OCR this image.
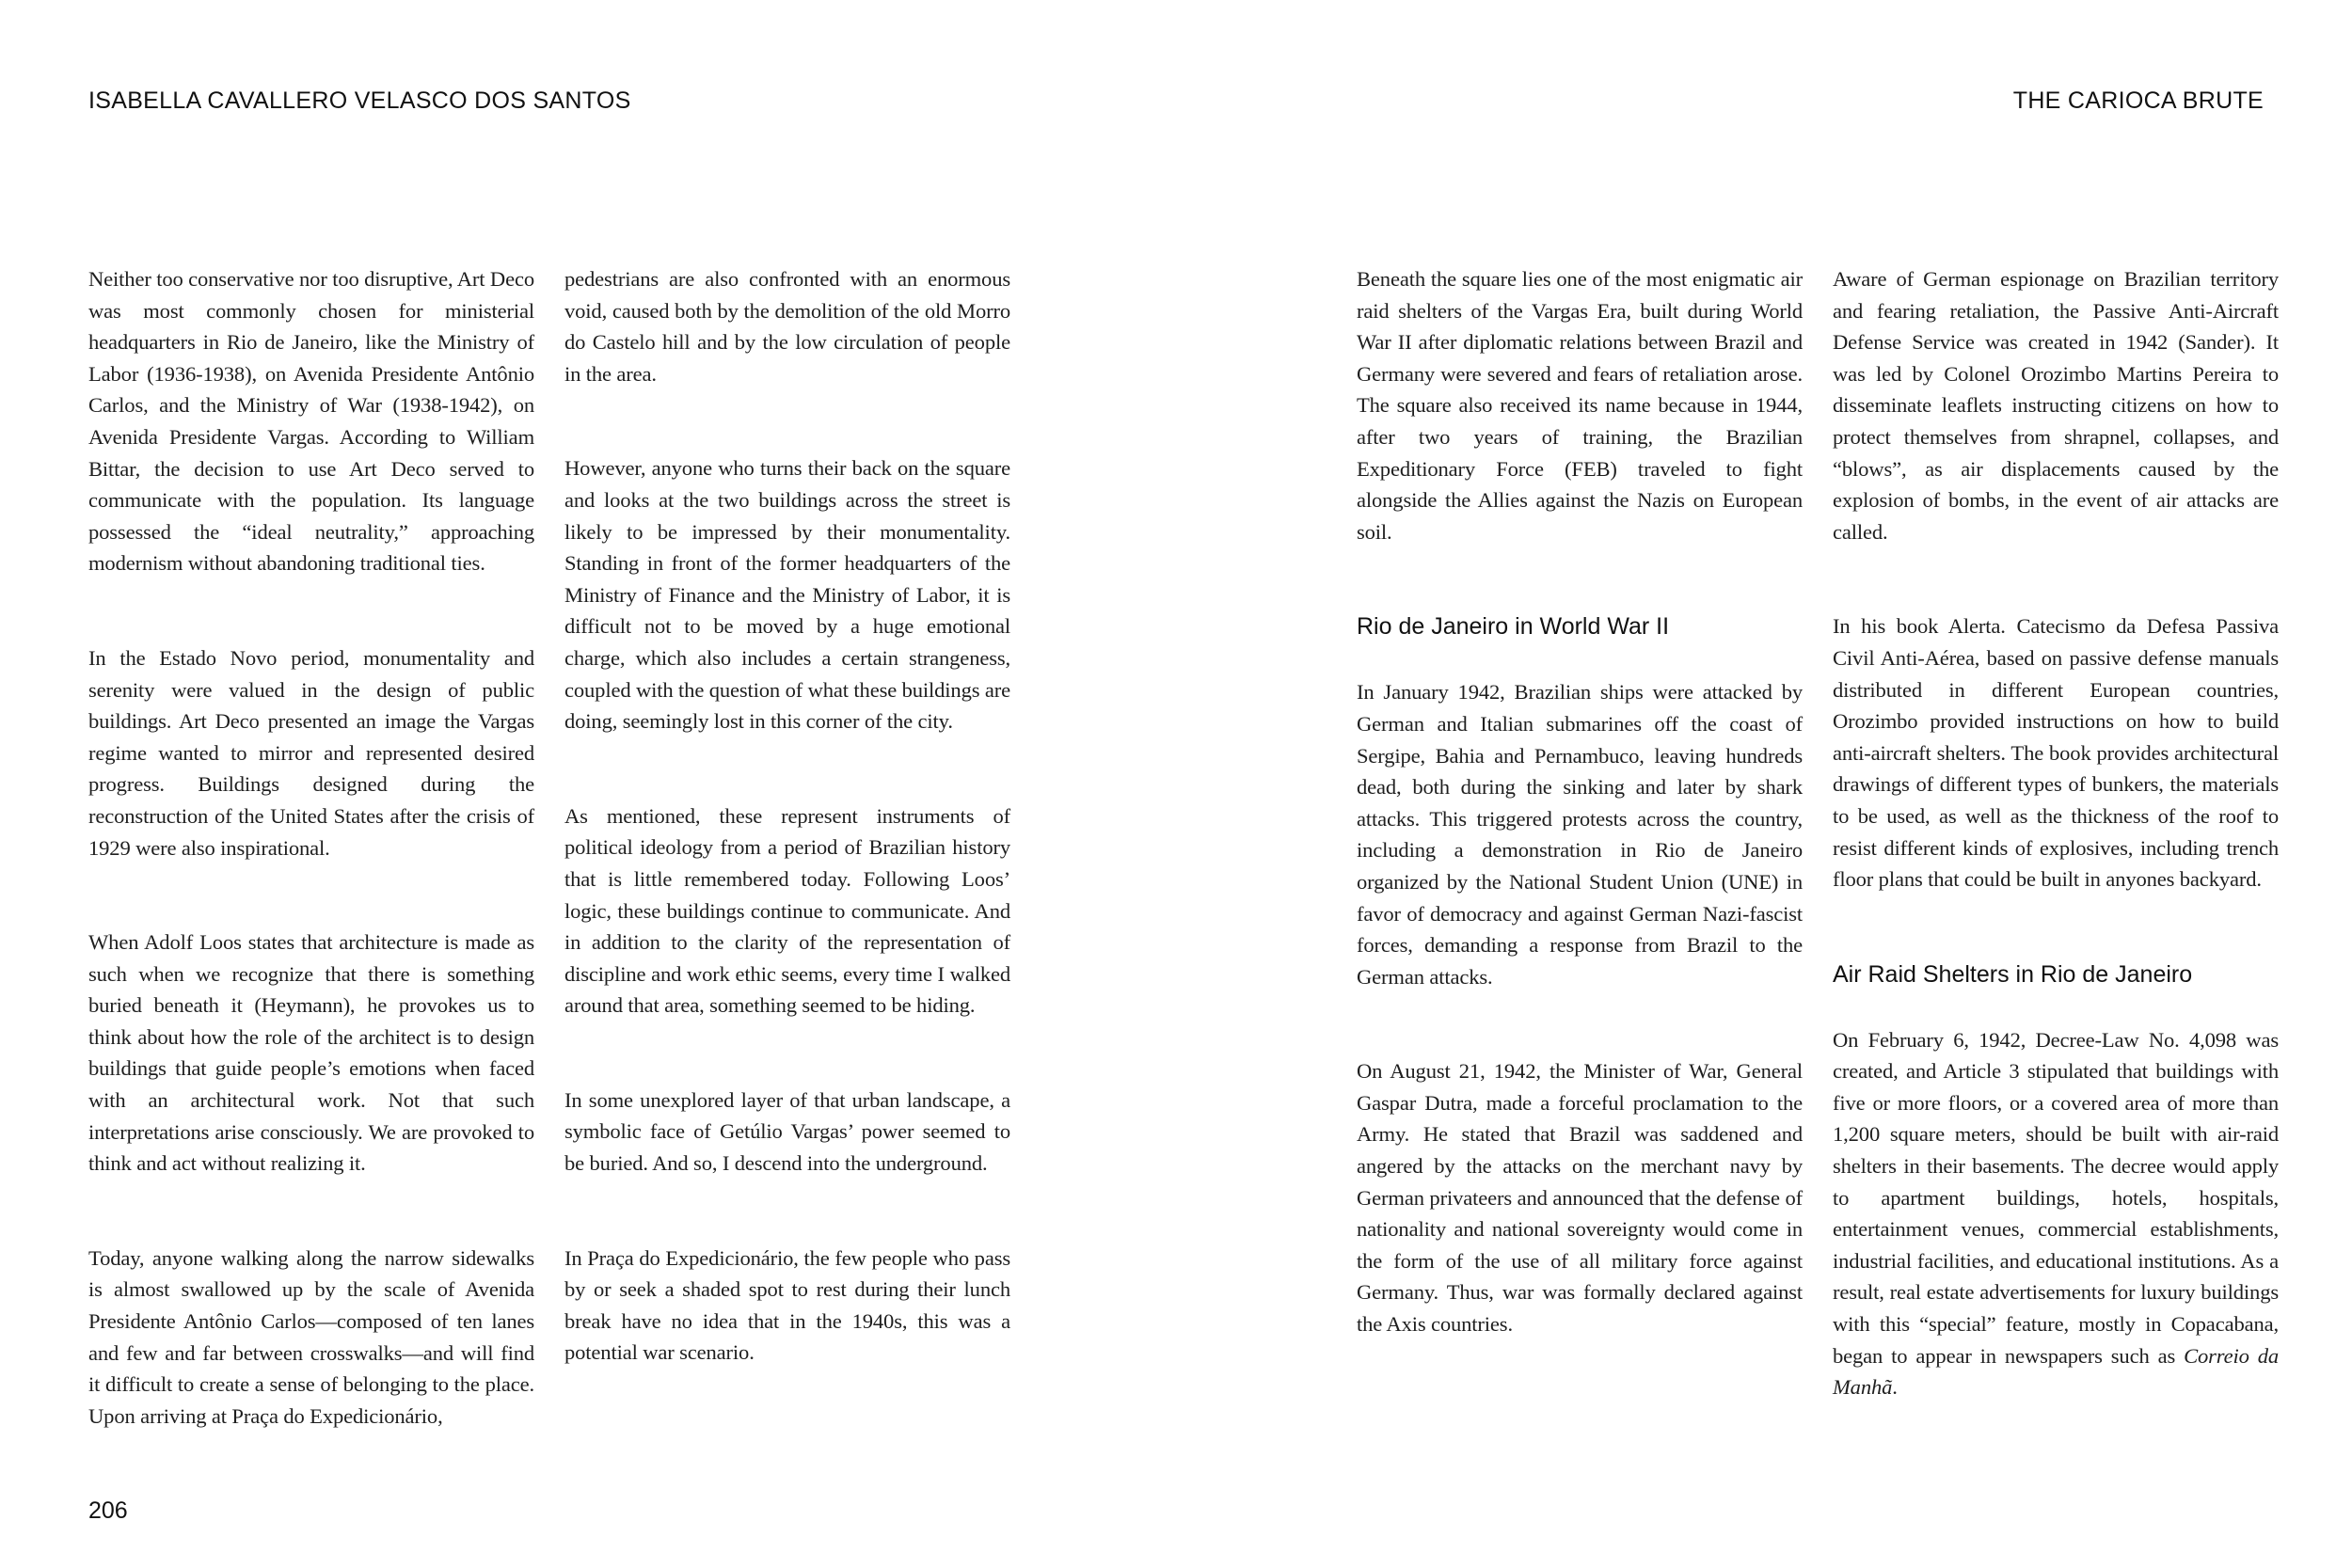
ISABELLA CAVALLERO VELASCO DOS SANTOS	THE CARIOCA BRUTE

Neither too conservative nor too disruptive, Art Deco was most commonly chosen for ministerial headquarters in Rio de Janeiro, like the Ministry of Labor (1936-1938), on Avenida Presidente Antônio Carlos, and the Ministry of War (1938-1942), on Avenida Presidente Vargas. According to William Bittar, the decision to use Art Deco served to communicate with the population. Its language possessed the “ideal neutrality,” approaching modernism without abandoning traditional ties.

In the Estado Novo period, monumentality and serenity were valued in the design of public buildings. Art Deco presented an image the Vargas regime wanted to mirror and represented desired progress. Buildings designed during the reconstruction of the United States after the crisis of 1929 were also inspirational.

When Adolf Loos states that architecture is made as such when we recognize that there is something buried beneath it (Heymann), he provokes us to think about how the role of the architect is to design buildings that guide people’s emotions when faced with an architectural work. Not that such interpretations arise consciously. We are provoked to think and act without realizing it.

Today, anyone walking along the narrow sidewalks is almost swallowed up by the scale of Avenida Presidente Antônio Carlos—composed of ten lanes and few and far between crosswalks—and will find it difficult to create a sense of belonging to the place. Upon arriving at Praça do Expedicionário,

pedestrians are also confronted with an enormous void, caused both by the demolition of the old Morro do Castelo hill and by the low circulation of people in the area.

However, anyone who turns their back on the square and looks at the two buildings across the street is likely to be impressed by their monumentality. Standing in front of the former headquarters of the Ministry of Finance and the Ministry of Labor, it is difficult not to be moved by a huge emotional charge, which also includes a certain strangeness, coupled with the question of what these buildings are doing, seemingly lost in this corner of the city.

As mentioned, these represent instruments of political ideology from a period of Brazilian history that is little remembered today. Following Loos’ logic, these buildings continue to communicate. And in addition to the clarity of the representation of discipline and work ethic seems, every time I walked around that area, something seemed to be hiding.

In some unexplored layer of that urban landscape, a symbolic face of Getúlio Vargas’ power seemed to be buried. And so, I descend into the underground.

In Praça do Expedicionário, the few people who pass by or seek a shaded spot to rest during their lunch break have no idea that in the 1940s, this was a potential war scenario.

Beneath the square lies one of the most enigmatic air raid shelters of the Vargas Era, built during World War II after diplomatic relations between Brazil and Germany were severed and fears of retaliation arose. The square also received its name because in 1944, after two years of training, the Brazilian Expeditionary Force (FEB) traveled to fight alongside the Allies against the Nazis on European soil.

Rio de Janeiro in World War II

In January 1942, Brazilian ships were attacked by German and Italian submarines off the coast of Sergipe, Bahia and Pernambuco, leaving hundreds dead, both during the sinking and later by shark attacks. This triggered protests across the country, including a demonstration in Rio de Janeiro organized by the National Student Union (UNE) in favor of democracy and against German Nazi-fascist forces, demanding a response from Brazil to the German attacks.

On August 21, 1942, the Minister of War, General Gaspar Dutra, made a forceful proclamation to the Army. He stated that Brazil was saddened and angered by the attacks on the merchant navy by German privateers and announced that the defense of nationality and national sovereignty would come in the form of the use of all military force against Germany. Thus, war was formally declared against the Axis countries.

Aware of German espionage on Brazilian territory and fearing retaliation, the Passive Anti-Aircraft Defense Service was created in 1942 (Sander). It was led by Colonel Orozimbo Martins Pereira to disseminate leaflets instructing citizens on how to protect themselves from shrapnel, collapses, and “blows”, as air displacements caused by the explosion of bombs, in the event of air attacks are called.

In his book Alerta. Catecismo da Defesa Passiva Civil Anti-Aérea, based on passive defense manuals distributed in different European countries, Orozimbo provided instructions on how to build anti-aircraft shelters. The book provides architectural drawings of different types of bunkers, the materials to be used, as well as the thickness of the roof to resist different kinds of explosives, including trench floor plans that could be built in anyones backyard.

Air Raid Shelters in Rio de Janeiro

On February 6, 1942, Decree-Law No. 4,098 was created, and Article 3 stipulated that buildings with five or more floors, or a covered area of more than 1,200 square meters, should be built with air-raid shelters in their basements. The decree would apply to apartment buildings, hotels, hospitals, entertainment venues, commercial establishments, industrial facilities, and educational institutions. As a result, real estate advertisements for luxury buildings with this “special” feature, mostly in Copacabana, began to appear in newspapers such as Correio da Manhã.

206
